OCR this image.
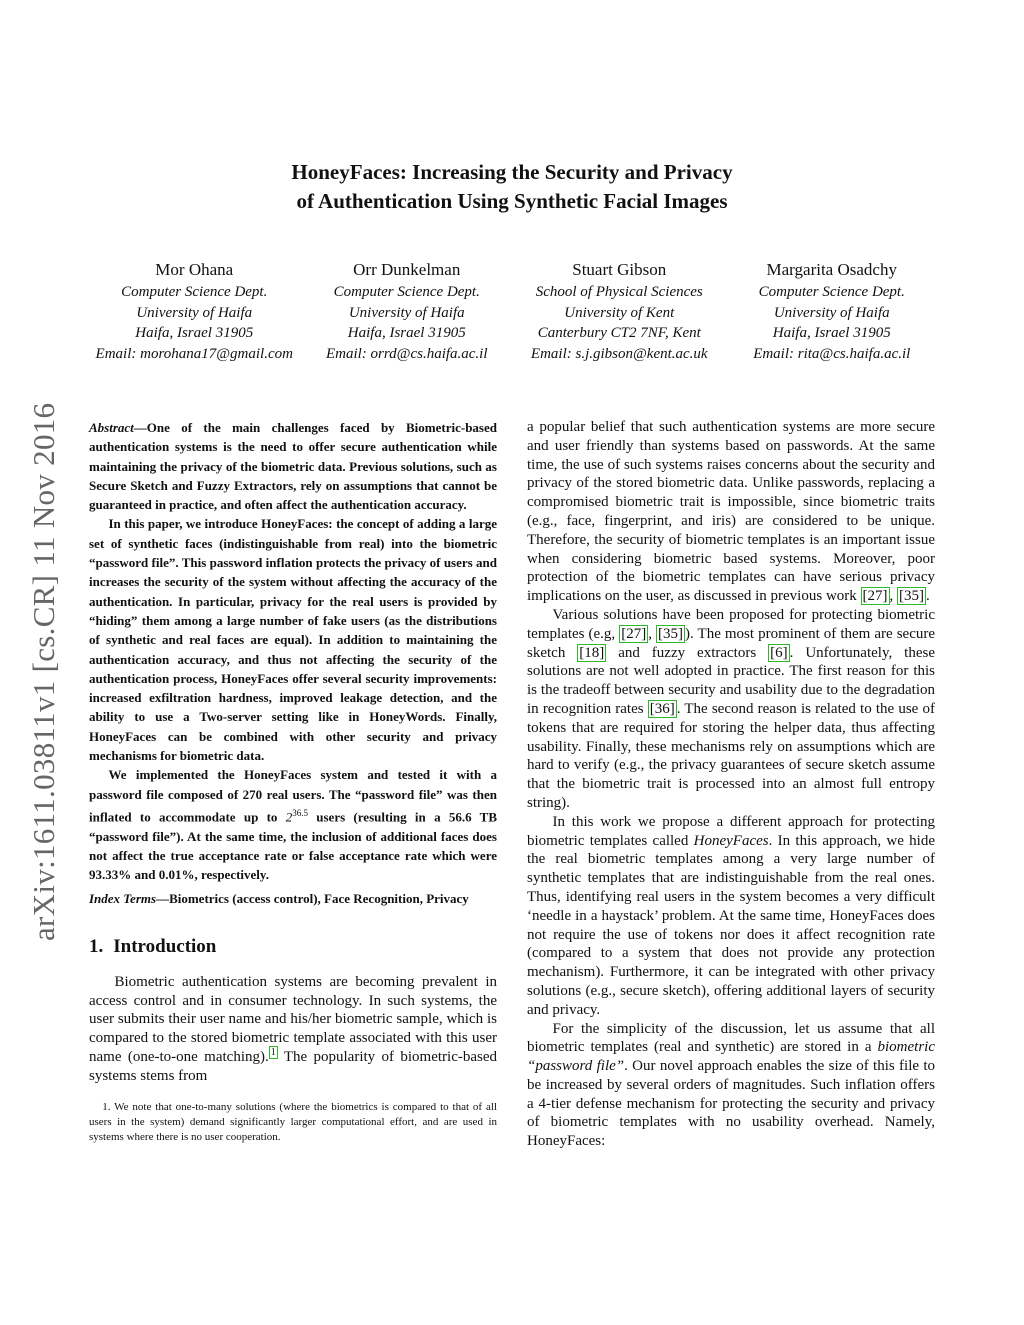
arXiv:1611.03811v1 [cs.CR] 11 Nov 2016
HoneyFaces: Increasing the Security and Privacy
of Authentication Using Synthetic Facial Images
Mor Ohana
Computer Science Dept.
University of Haifa
Haifa, Israel 31905
Email: morohana17@gmail.com
Orr Dunkelman
Computer Science Dept.
University of Haifa
Haifa, Israel 31905
Email: orrd@cs.haifa.ac.il
Stuart Gibson
School of Physical Sciences
University of Kent
Canterbury CT2 7NF, Kent
Email: s.j.gibson@kent.ac.uk
Margarita Osadchy
Computer Science Dept.
University of Haifa
Haifa, Israel 31905
Email: rita@cs.haifa.ac.il

Abstract—One of the main challenges faced by Biometric-based authentication systems is the need to offer secure authentication while maintaining the privacy of the biometric data. Previous solutions, such as Secure Sketch and Fuzzy Extractors, rely on assumptions that cannot be guaranteed in practice, and often affect the authentication accuracy.

In this paper, we introduce HoneyFaces: the concept of adding a large set of synthetic faces (indistinguishable from real) into the biometric “password file”. This password inflation protects the privacy of users and increases the security of the system without affecting the accuracy of the authentication. In particular, privacy for the real users is provided by “hiding” them among a large number of fake users (as the distributions of synthetic and real faces are equal). In addition to maintaining the authentication accuracy, and thus not affecting the security of the authentication process, HoneyFaces offer several security improvements: increased exfiltration hardness, improved leakage detection, and the ability to use a Two-server setting like in HoneyWords. Finally, HoneyFaces can be combined with other security and privacy mechanisms for biometric data.

We implemented the HoneyFaces system and tested it with a password file composed of 270 real users. The “password file” was then inflated to accommodate up to $2^{36.5}$ users (resulting in a 56.6 TB “password file”). At the same time, the inclusion of additional faces does not affect the true acceptance rate or false acceptance rate which were 93.33% and 0.01%, respectively.

Index Terms—Biometrics (access control), Face Recognition, Privacy

1. Introduction

Biometric authentication systems are becoming prevalent in access control and in consumer technology. In such systems, the user submits their user name and his/her biometric sample, which is compared to the stored biometric template associated with this user name (one-to-one matching). $^1$ The popularity of biometric-based systems stems from

1. We note that one-to-many solutions (where the biometrics is compared to that of all users in the system) demand significantly larger computational effort, and are used in systems where there is no user cooperation.

a popular belief that such authentication systems are more secure and user friendly than systems based on passwords. At the same time, the use of such systems raises concerns about the security and privacy of the stored biometric data. Unlike passwords, replacing a compromised biometric trait is impossible, since biometric traits (e.g., face, fingerprint, and iris) are considered to be unique. Therefore, the security of biometric templates is an important issue when considering biometric based systems. Moreover, poor protection of the biometric templates can have serious privacy implications on the user, as discussed in previous work [27] , [35] .

Various solutions have been proposed for protecting biometric templates (e.g, [27] , [35] ). The most prominent of them are secure sketch [18] and fuzzy extractors [6] . Unfortunately, these solutions are not well adopted in practice. The first reason for this is the tradeoff between security and usability due to the degradation in recognition rates [36] . The second reason is related to the use of tokens that are required for storing the helper data, thus affecting usability. Finally, these mechanisms rely on assumptions which are hard to verify (e.g., the privacy guarantees of secure sketch assume that the biometric trait is processed into an almost full entropy string).

In this work we propose a different approach for protecting biometric templates called HoneyFaces. In this approach, we hide the real biometric templates among a very large number of synthetic templates that are indistinguishable from the real ones. Thus, identifying real users in the system becomes a very difficult ‘needle in a haystack’ problem. At the same time, HoneyFaces does not require the use of tokens nor does it affect recognition rate (compared to a system that does not provide any protection mechanism). Furthermore, it can be integrated with other privacy solutions (e.g., secure sketch), offering additional layers of security and privacy.

For the simplicity of the discussion, let us assume that all biometric templates (real and synthetic) are stored in a biometric “password file”. Our novel approach enables the size of this file to be increased by several orders of magnitudes. Such inflation offers a 4-tier defense mechanism for protecting the security and privacy of biometric templates with no usability overhead. Namely, HoneyFaces:
